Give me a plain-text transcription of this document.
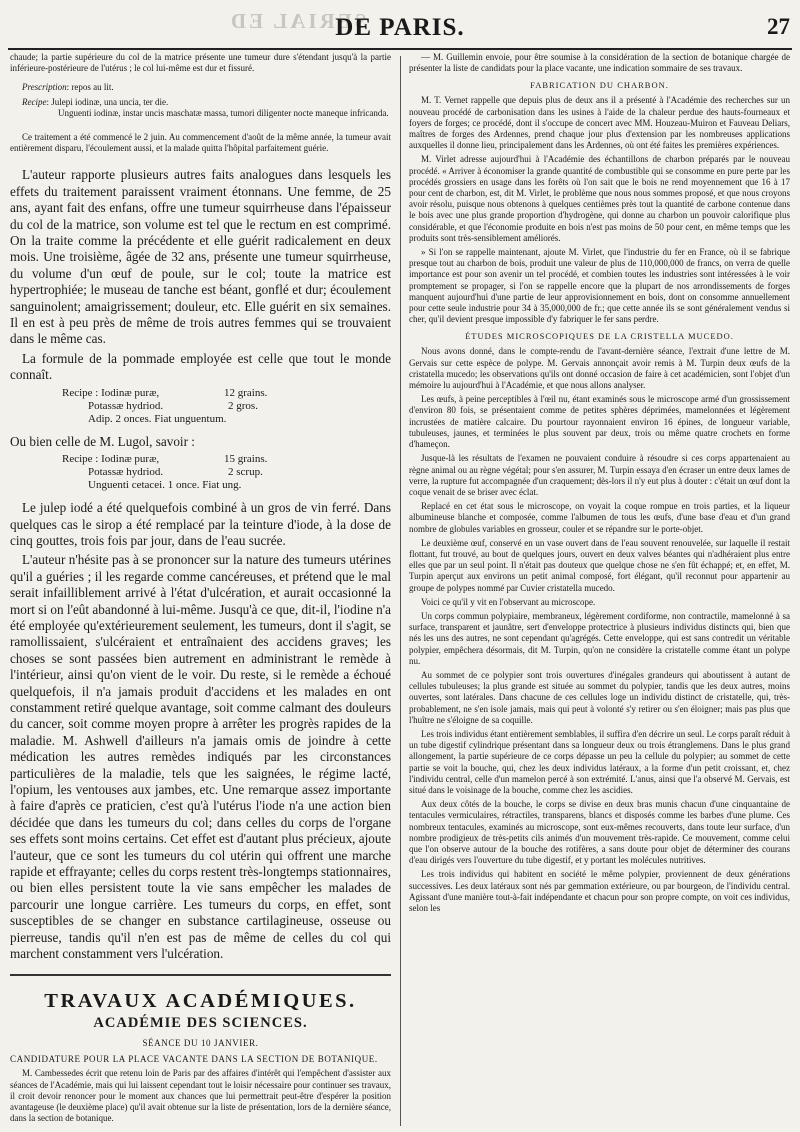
SERIAL ED
DE PARIS.	27

chaude; la partie supérieure du col de la matrice présente une tumeur dure s'étendant jusqu'à la partie inférieure-postérieure de l'utérus ; le col lui-même est dur et fissuré.

Prescription: repos au lit.

Recipe: Julepi iodinæ, una uncia, ter die.

Unguenti iodinæ, instar uncis maschatæ massa, tumori diligenter nocte maneque infricanda.

Ce traitement a été commencé le 2 juin. Au commencement d'août de la même année, la tumeur avait entièrement disparu, l'écoulement aussi, et la malade quitta l'hôpital parfaitement guérie.

L'auteur rapporte plusieurs autres faits analogues dans lesquels les effets du traitement paraissent vraiment étonnans. Une femme, de 25 ans, ayant fait des enfans, offre une tumeur squirrheuse dans l'épaisseur du col de la matrice, son volume est tel que le rectum en est comprimé. On la traite comme la précédente et elle guérit radicalement en deux mois. Une troisième, âgée de 32 ans, présente une tumeur squirrheuse, du volume d'un œuf de poule, sur le col; toute la matrice est hypertrophiée; le museau de tanche est béant, gonflé et dur; écoulement sanguinolent; amaigrissement; douleur, etc. Elle guérit en six semaines. Il en est à peu près de même de trois autres femmes qui se trouvaient dans le même cas.

La formule de la pommade employée est celle que tout le monde connaît.

Recipe : Iodinæ puræ,	12 grains.
Potassæ hydriod.	2 gros.
Adip. 2 onces. Fiat unguentum.

Ou bien celle de M. Lugol, savoir :

Recipe : Iodinæ puræ,	15 grains.
Potassæ hydriod.	2 scrup.
Unguenti cetacei. 1 once. Fiat ung.

Le julep iodé a été quelquefois combiné à un gros de vin ferré. Dans quelques cas le sirop a été remplacé par la teinture d'iode, à la dose de cinq gouttes, trois fois par jour, dans de l'eau sucrée.

L'auteur n'hésite pas à se prononcer sur la nature des tumeurs utérines qu'il a guéries ; il les regarde comme cancéreuses, et prétend que le mal serait infailliblement arrivé à l'état d'ulcération, et aurait occasionné la mort si on l'eût abandonné à lui-même. Jusqu'à ce que, dit-il, l'iodine n'a été employée qu'extérieurement seulement, les tumeurs, dont il s'agit, se ramollissaient, s'ulcéraient et entraînaient des accidens graves; les choses se sont passées bien autrement en administrant le remède à l'intérieur, ainsi qu'on vient de le voir. Du reste, si le remède a échoué quelquefois, il n'a jamais produit d'accidens et les malades en ont constamment retiré quelque avantage, soit comme calmant des douleurs du cancer, soit comme moyen propre à arrêter les progrès rapides de la maladie. M. Ashwell d'ailleurs n'a jamais omis de joindre à cette médication les autres remèdes indiqués par les circonstances particulières de la maladie, tels que les saignées, le régime lacté, l'opium, les ventouses aux jambes, etc. Une remarque assez importante à faire d'après ce praticien, c'est qu'à l'utérus l'iode n'a une action bien décidée que dans les tumeurs du col; dans celles du corps de l'organe ses effets sont moins certains. Cet effet est d'autant plus précieux, ajoute l'auteur, que ce sont les tumeurs du col utérin qui offrent une marche rapide et effrayante; celles du corps restent très-longtemps stationnaires, ou bien elles persistent toute la vie sans empêcher les malades de parcourir une longue carrière. Les tumeurs du corps, en effet, sont susceptibles de se changer en substance cartilagineuse, osseuse ou pierreuse, tandis qu'il n'en est pas de même de celles du col qui marchent constamment vers l'ulcération.

TRAVAUX ACADÉMIQUES.
ACADÉMIE DES SCIENCES.
SÉANCE DU 10 JANVIER.

CANDIDATURE POUR LA PLACE VACANTE DANS LA SECTION DE BOTANIQUE.

M. Cambessedes écrit que retenu loin de Paris par des affaires d'intérêt qui l'empêchent d'assister aux séances de l'Académie, mais qui lui laissent cependant tout le loisir nécessaire pour continuer ses travaux, il croit devoir renoncer pour le moment aux chances que lui permettrait peut-être d'espérer la position avantageuse (le deuxième place) qu'il avait obtenue sur la liste de présentation, lors de la dernière séance, dans la section de botanique.

— M. Guillemin envoie, pour être soumise à la considération de la section de botanique chargée de présenter la liste de candidats pour la place vacante, une indication sommaire de ses travaux.

FABRICATION DU CHARBON.

M. T. Vernet rappelle que depuis plus de deux ans il a présenté à l'Académie des recherches sur un nouveau procédé de carbonisation dans les usines à l'aide de la chaleur perdue des hauts-fourneaux et foyers de forges; ce procédé, dont il s'occupe de concert avec MM. Houzeau-Muiron et Fauveau Deliars, maîtres de forges des Ardennes, prend chaque jour plus d'extension par les nombreuses applications auxquelles il donne lieu, principalement dans les Ardennes, où ont été faites les premières expériences.

M. Virlet adresse aujourd'hui à l'Académie des échantillons de charbon préparés par le nouveau procédé. « Arriver à économiser la grande quantité de combustible qui se consomme en pure perte par les procédés grossiers en usage dans les forêts où l'on sait que le bois ne rend moyennement que 16 à 17 pour cent de charbon, est, dit M. Virlet, le problème que nous nous sommes proposé, et que nous croyons avoir résolu, puisque nous obtenons à quelques centièmes près tout la quantité de carbone contenue dans le bois avec une plus grande proportion d'hydrogène, qui donne au charbon un pouvoir calorifique plus considérable, et que l'économie produite en bois n'est pas moins de 50 pour cent, en même temps que les produits sont très-sensiblement améliorés.

» Si l'on se rappelle maintenant, ajoute M. Virlet, que l'industrie du fer en France, où il se fabrique presque tout au charbon de bois, produit une valeur de plus de 110,000,000 de francs, on verra de quelle importance est pour son avenir un tel procédé, et combien toutes les industries sont intéressées à le voir promptement se propager, si l'on se rappelle encore que la plupart de nos arrondissements de forges manquent aujourd'hui d'une partie de leur approvisionnement en bois, dont on consomme annuellement pour cette seule industrie pour 34 à 35,000,000 de fr.; que cette année ils se sont généralement vendus si cher, qu'il devient presque impossible d'y fabriquer le fer sans perdre.

ÉTUDES MICROSCOPIQUES DE LA CRISTELLA MUCEDO.

Nous avons donné, dans le compte-rendu de l'avant-dernière séance, l'extrait d'une lettre de M. Gervais sur cette espèce de polype. M. Gervais annonçait avoir remis à M. Turpin deux œufs de la cristatella mucedo; les observations qu'ils ont donné occasion de faire à cet académicien, sont l'objet d'un mémoire lu aujourd'hui à l'Académie, et que nous allons analyser.

Les œufs, à peine perceptibles à l'œil nu, étant examinés sous le microscope armé d'un grossissement d'environ 80 fois, se présentaient comme de petites sphères déprimées, mamelonnées et légèrement incrustées de matière calcaire. Du pourtour rayonnaient environ 16 épines, de longueur variable, tubuleuses, jaunes, et terminées le plus souvent par deux, trois ou même quatre crochets en forme d'hameçon.

Jusque-là les résultats de l'examen ne pouvaient conduire à résoudre si ces corps appartenaient au règne animal ou au règne végétal; pour s'en assurer, M. Turpin essaya d'en écraser un entre deux lames de verre, la rupture fut accompagnée d'un craquement; dès-lors il n'y eut plus à douter : c'était un œuf dont la coque venait de se briser avec éclat.

Replacé en cet état sous le microscope, on voyait la coque rompue en trois parties, et la liqueur albumineuse blanche et composée, comme l'albumen de tous les œufs, d'une base d'eau et d'un grand nombre de globules variables en grosseur, couler et se répandre sur le porte-objet.

Le deuxième œuf, conservé en un vase ouvert dans de l'eau souvent renouvelée, sur laquelle il restait flottant, fut trouvé, au bout de quelques jours, ouvert en deux valves béantes qui n'adhéraient plus entre elles que par un seul point. Il n'était pas douteux que quelque chose ne s'en fût échappé; et, en effet, M. Turpin aperçut aux environs un petit animal composé, fort élégant, qu'il reconnut pour appartenir au groupe de polypes nommé par Cuvier cristatella mucedo.

Voici ce qu'il y vit en l'observant au microscope.

Un corps commun polypiaire, membraneux, légèrement cordiforme, non contractile, mamelonné à sa surface, transparent et jaunâtre, sert d'enveloppe protectrice à plusieurs individus distincts qui, bien que nés les uns des autres, ne sont cependant qu'agrégés. Cette enveloppe, qui est sans contredit un véritable polypier, empêchera désormais, dit M. Turpin, qu'on ne considère la cristatelle comme étant un polype nu.

Au sommet de ce polypier sont trois ouvertures d'inégales grandeurs qui aboutissent à autant de cellules tubuleuses; la plus grande est située au sommet du polypier, tandis que les deux autres, moins ouvertes, sont latérales. Dans chacune de ces cellules loge un individu distinct de cristatelle, qui, très-probablement, ne s'en isole jamais, mais qui peut à volonté s'y retirer ou s'en éloigner; mais pas plus que l'huître ne s'éloigne de sa coquille.

Les trois individus étant entièrement semblables, il suffira d'en décrire un seul. Le corps paraît réduit à un tube digestif cylindrique présentant dans sa longueur deux ou trois étranglemens. Dans le plus grand allongement, la partie supérieure de ce corps dépasse un peu la cellule du polypier; au sommet de cette partie se voit la bouche, qui, chez les deux individus latéraux, a la forme d'un petit croissant, et, chez l'individu central, celle d'un mamelon percé à son extrémité. L'anus, ainsi que l'a observé M. Gervais, est situé dans le voisinage de la bouche, comme chez les ascidies.

Aux deux côtés de la bouche, le corps se divise en deux bras munis chacun d'une cinquantaine de tentacules vermiculaires, rétractiles, transparens, blancs et disposés comme les barbes d'une plume. Ces nombreux tentacules, examinés au microscope, sont eux-mêmes recouverts, dans toute leur surface, d'un nombre prodigieux de très-petits cils animés d'un mouvement très-rapide. Ce mouvement, comme celui que l'on observe autour de la bouche des rotifères, a sans doute pour objet de déterminer des courans d'eau dirigés vers l'ouverture du tube digestif, et y portant les molécules nutritives.

Les trois individus qui habitent en société le même polypier, proviennent de deux générations successives. Les deux latéraux sont nés par gemmation extérieure, ou par bourgeon, de l'individu central. Agissant d'une manière tout-à-fait indépendante et chacun pour son propre compte, on voit ces individus, selon les
